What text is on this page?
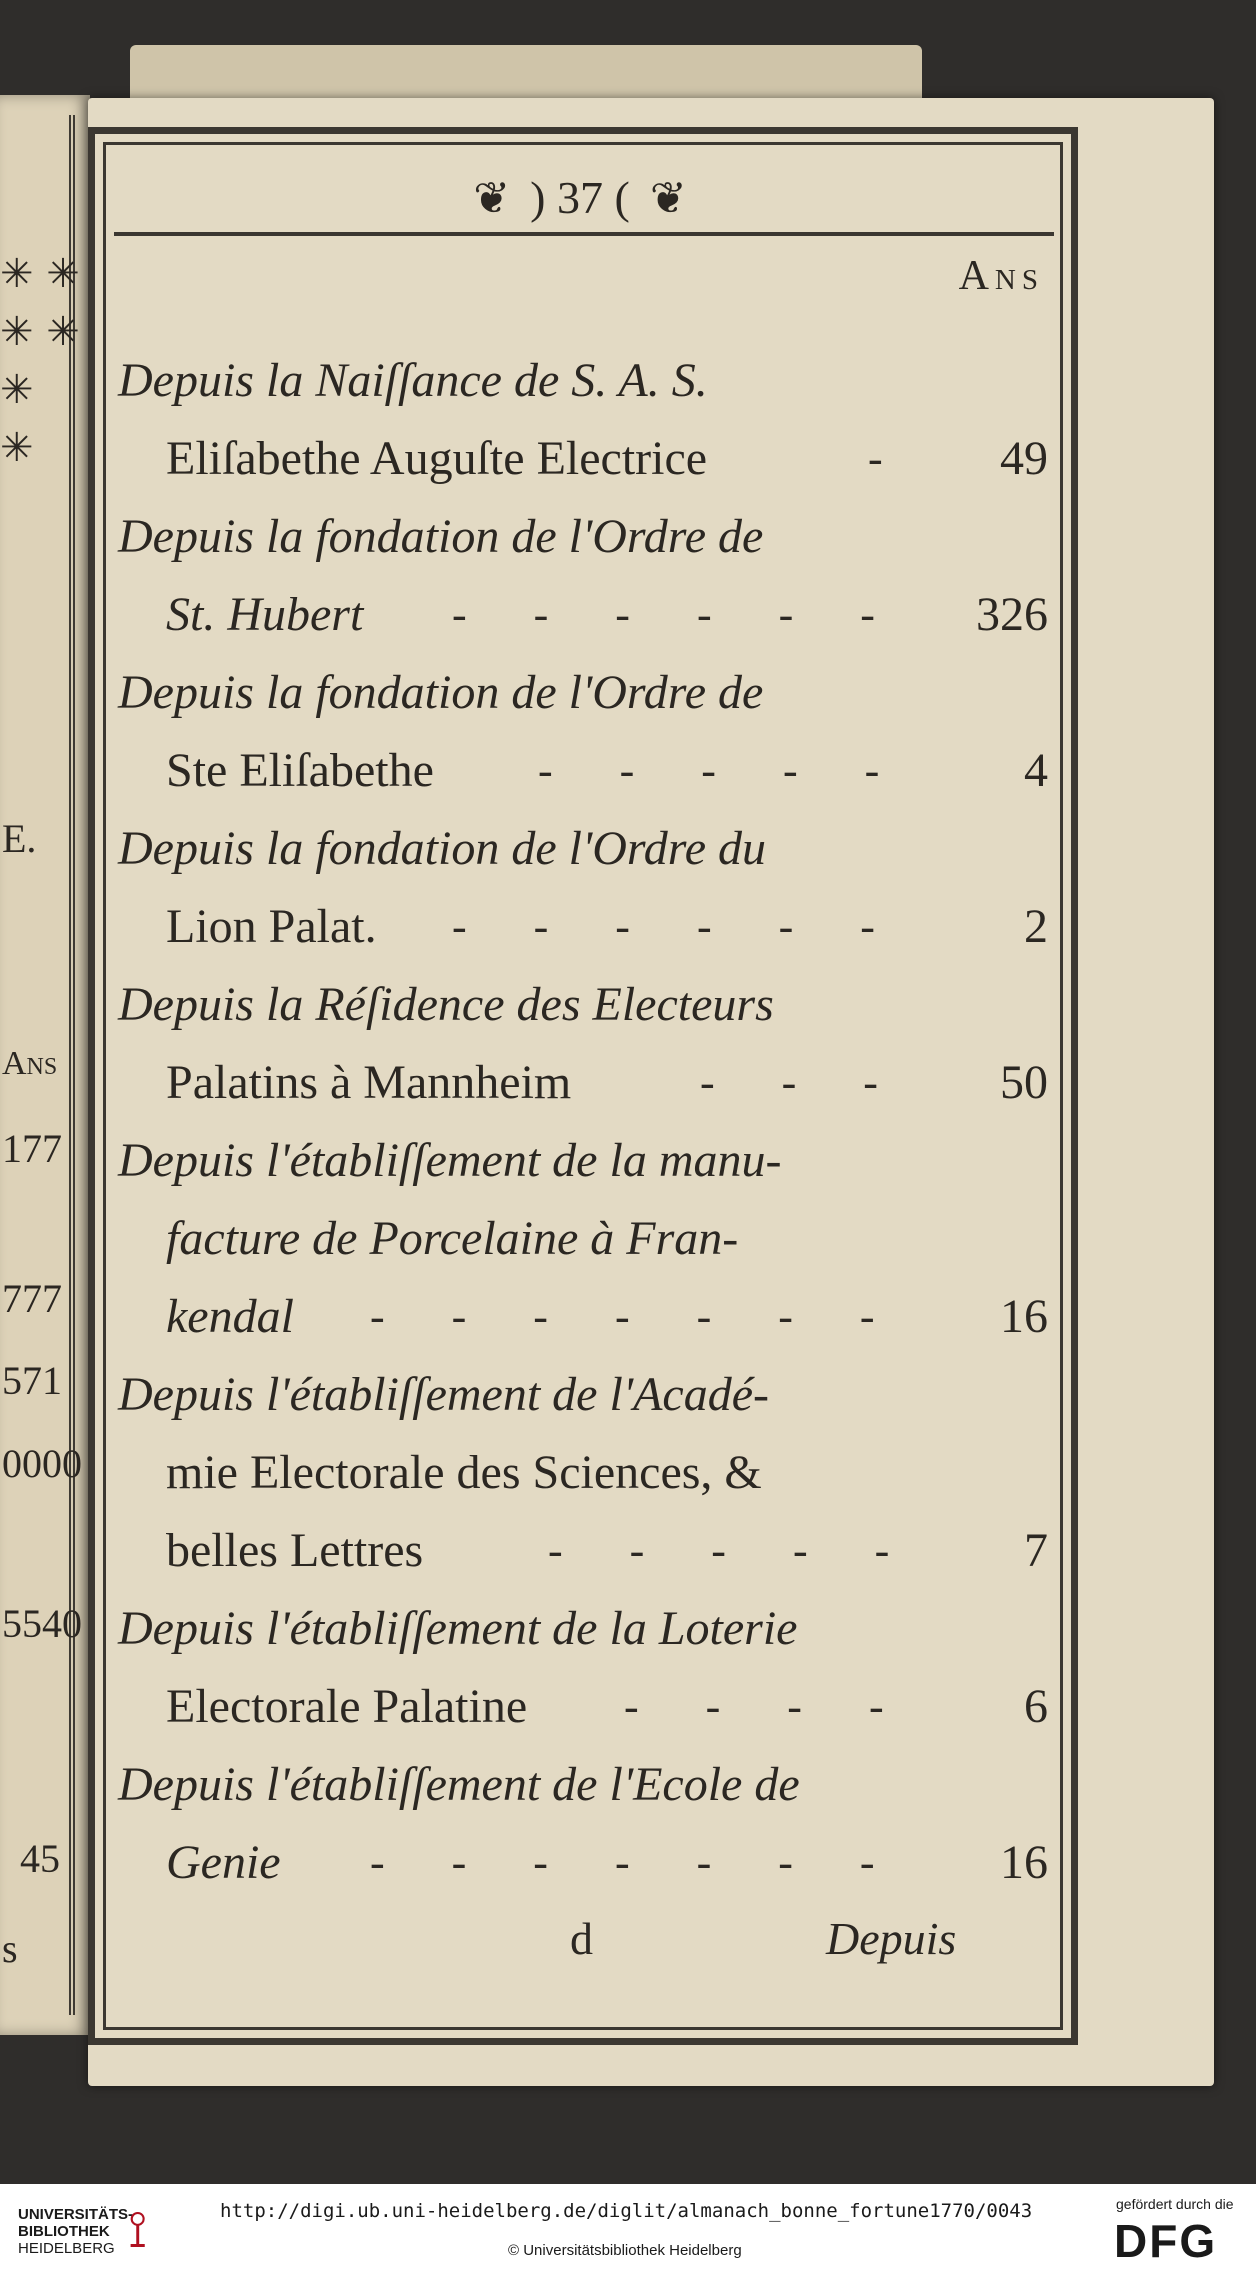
✳ ✳
✳ ✳
✳
✳
E.
Ans
177
777
571
0000
5540
45
s
❦ ) 37 ( ❦
Ans
Depuis la Naiſſance de S. A. S.
Eliſabethe Auguſte Electrice	- 49
Depuis la fondation de l'Ordre de
St. Hubert - - - - - - 326
Depuis la fondation de l'Ordre de
Ste Eliſabethe - - - - - 4
Depuis la fondation de l'Ordre du
Lion Palat. - - - - - -	2
Depuis la Réſidence des Electeurs
Palatins à Mannheim	- - - 50
Depuis l'établiſſement de la manu-
facture de Porcelaine à Fran-
kendal - - - - - - - 16
Depuis l'établiſſement de l'Acadé-
mie Electorale des Sciences, &
belles Lettres	- - - - - 7
Depuis l'établiſſement de la Loterie
Electorale Palatine - - - - 6
Depuis l'établiſſement de l'Ecole de
Genie - - - - - - - 16
d	Depuis
UNIVERSITÄTS-
BIBLIOTHEK
HEIDELBERG ⟟	http://digi.ub.uni-heidelberg.de/diglit/almanach_bonne_fortune1770/0043
© Universitätsbibliothek Heidelberg
gefördert durch die
DFG
